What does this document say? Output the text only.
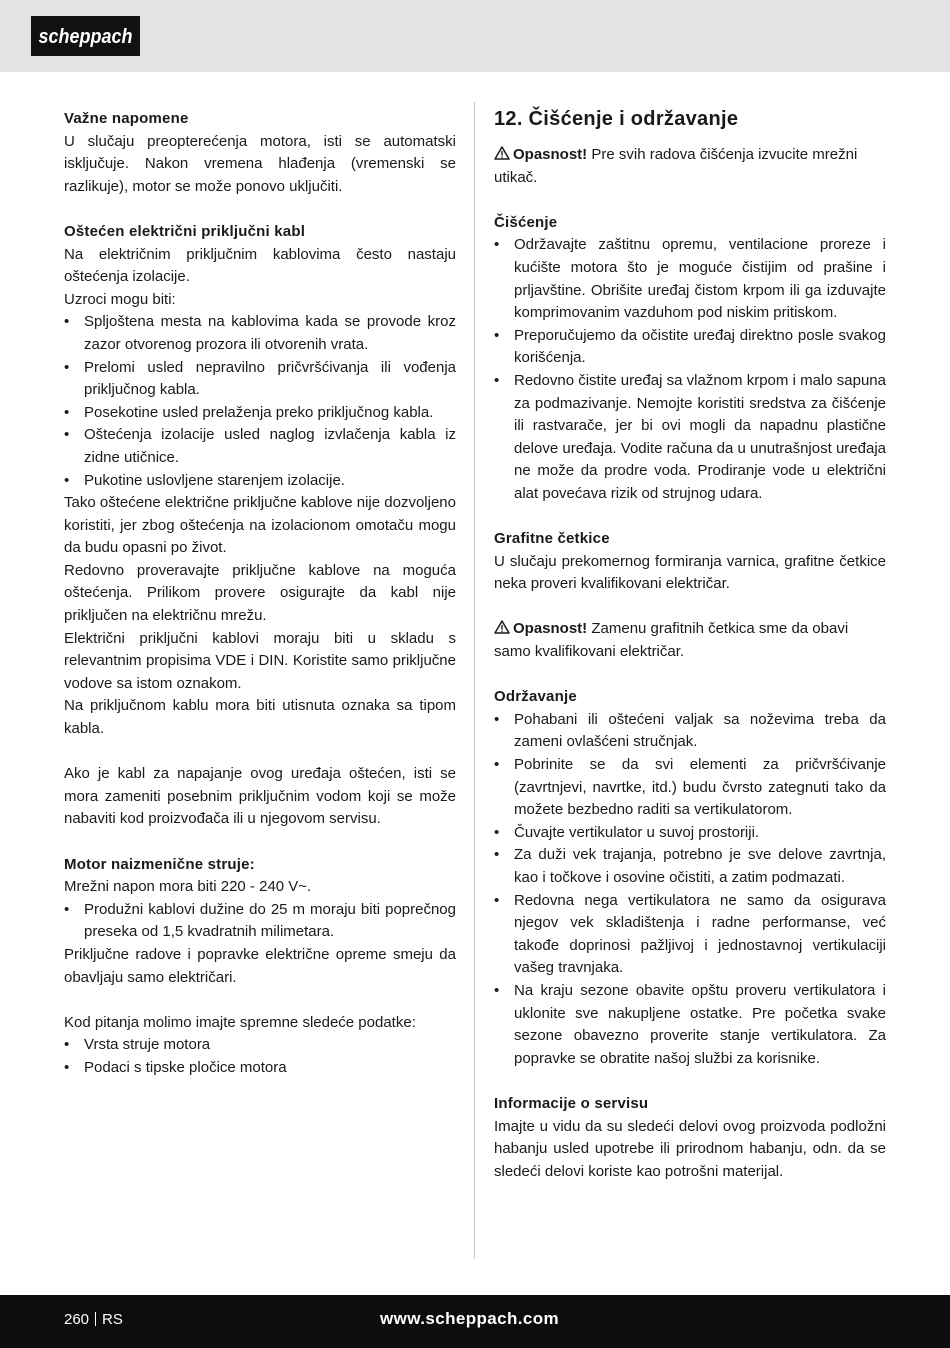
scheppach
Važne napomene

U slučaju preopterećenja motora, isti se automatski isključuje. Nakon vremena hlađenja (vremenski se razlikuje), motor se može ponovo uključiti.

Oštećen električni priključni kabl

Na električnim priključnim kablovima često nastaju oštećenja izolacije.

Uzroci mogu biti:

• Spljoštena mesta na kablovima kada se provode kroz zazor otvorenog prozora ili otvorenih vrata.
• Prelomi usled nepravilno pričvršćivanja ili vođenja priključnog kabla.
• Posekotine usled prelaženja preko priključnog kabla.
• Oštećenja izolacije usled naglog izvlačenja kabla iz zidne utičnice.
• Pukotine uslovljene starenjem izolacije.

Tako oštećene električne priključne kablove nije dozvoljeno koristiti, jer zbog oštećenja na izolacionom omotaču mogu da budu opasni po život.

Redovno proveravajte priključne kablove na moguća oštećenja. Prilikom provere osigurajte da kabl nije priključen na električnu mrežu.

Električni priključni kablovi moraju biti u skladu s relevantnim propisima VDE i DIN. Koristite samo priključne vodove sa istom oznakom.

Na priključnom kablu mora biti utisnuta oznaka sa tipom kabla.

Ako je kabl za napajanje ovog uređaja oštećen, isti se mora zameniti posebnim priključnim vodom koji se može nabaviti kod proizvođača ili u njegovom servisu.

Motor naizmenične struje:

Mrežni napon mora biti 220 - 240 V~.

• Produžni kablovi dužine do 25 m moraju biti poprečnog preseka od 1,5 kvadratnih milimetara.

Priključne radove i popravke električne opreme smeju da obavljaju samo električari.

Kod pitanja molimo imajte spremne sledeće podatke:

• Vrsta struje motora
• Podaci s tipske pločice motora
12. Čišćenje i održavanje

Opasnost! Pre svih radova čišćenja izvucite mrežni utikač.

Čišćenje
• Održavajte zaštitnu opremu, ventilacione proreze i kućište motora što je moguće čistijim od prašine i prljavštine. Obrišite uređaj čistom krpom ili ga izduvajte komprimovanim vazduhom pod niskim pritiskom.
• Preporučujemo da očistite uređaj direktno posle svakog korišćenja.
• Redovno čistite uređaj sa vlažnom krpom i malo sapuna za podmazivanje. Nemojte koristiti sredstva za čišćenje ili rastvarače, jer bi ovi mogli da napadnu plastične delove uređaja. Vodite računa da u unutrašnjost uređaja ne može da prodre voda. Prodiranje vode u električni alat povećava rizik od strujnog udara.
Grafitne četkice

U slučaju prekomernog formiranja varnica, grafitne četkice neka proveri kvalifikovani električar.

Opasnost! Zamenu grafitnih četkica sme da obavi samo kvalifikovani električar.

Održavanje
• Pohabani ili oštećeni valjak sa noževima treba da zameni ovlašćeni stručnjak.
• Pobrinite se da svi elementi za pričvršćivanje (zavrtnjevi, navrtke, itd.) budu čvrsto zategnuti tako da možete bezbedno raditi sa vertikulatorom.
• Čuvajte vertikulator u suvoj prostoriji.
• Za duži vek trajanja, potrebno je sve delove zavrtnja, kao i točkove i osovine očistiti, a zatim podmazati.
• Redovna nega vertikulatora ne samo da osigurava njegov vek skladištenja i radne performanse, već takođe doprinosi pažljivoj i jednostavnoj vertikulaciji vašeg travnjaka.
• Na kraju sezone obavite opštu proveru vertikulatora i uklonite sve nakupljene ostatke. Pre početka svake sezone obavezno proverite stanje vertikulatora. Za popravke se obratite našoj službi za korisnike.
Informacije o servisu

Imajte u vidu da su sledeći delovi ovog proizvoda podložni habanju usled upotrebe ili prirodnom habanju, odn. da se sledeći delovi koriste kao potrošni materijal.

260 RS	www.scheppach.com
